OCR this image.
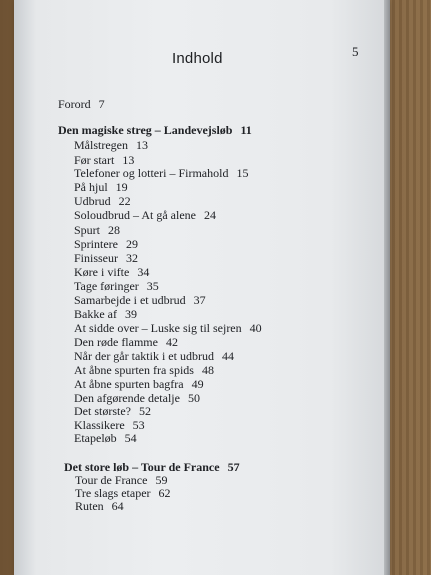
Indhold	5
Forord 7
Den magiske streg – Landevejsløb 11
Målstregen 13
Før start 13
Telefoner og lotteri – Firmahold 15
På hjul 19
Udbrud 22
Soloudbrud – At gå alene 24
Spurt 28
Sprintere 29
Finisseur 32
Køre i vifte 34
Tage føringer 35
Samarbejde i et udbrud 37
Bakke af 39
At sidde over – Luske sig til sejren 40
Den røde flamme 42
Når der går taktik i et udbrud 44
At åbne spurten fra spids 48
At åbne spurten bagfra 49
Den afgørende detalje 50
Det største? 52
Klassikere 53
Etapeløb 54
Det store løb – Tour de France 57
Tour de France 59
Tre slags etaper 62
Ruten 64
